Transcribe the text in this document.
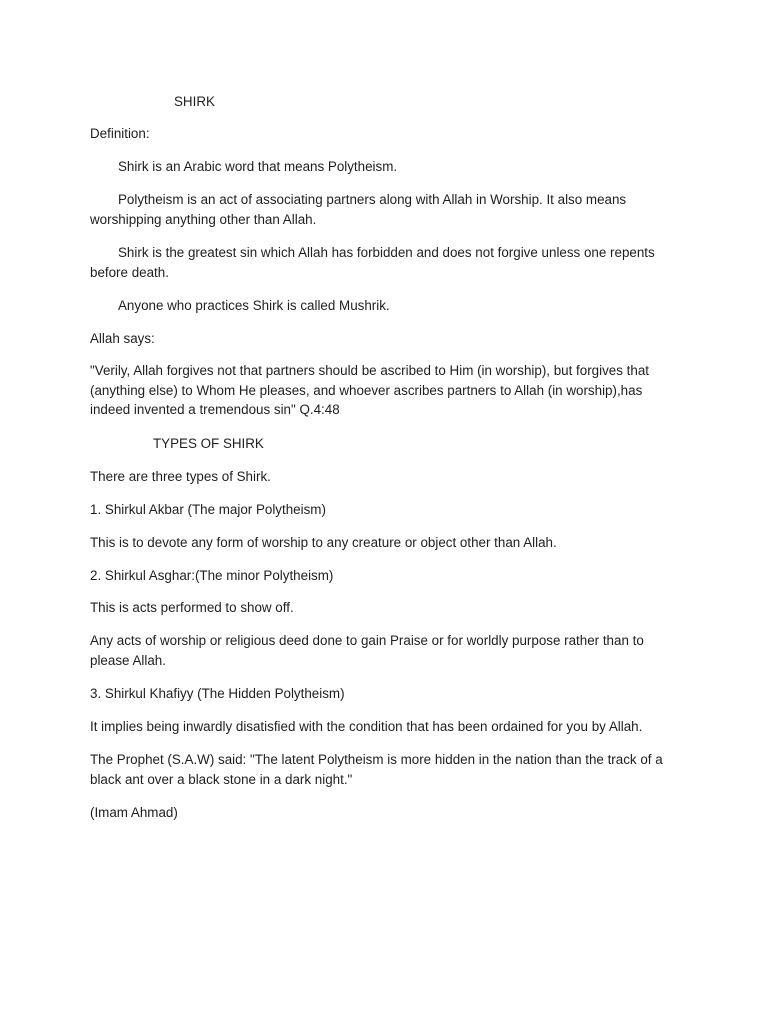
SHIRK

Definition:

Shirk is an Arabic word that means Polytheism.

Polytheism is an act of associating partners along with Allah in Worship. It also means
worshipping anything other than Allah.

Shirk is the greatest sin which Allah has forbidden and does not forgive unless one repents
before death.

Anyone who practices Shirk is called Mushrik.

Allah says:

"Verily, Allah forgives not that partners should be ascribed to Him (in worship), but forgives that
(anything else) to Whom He pleases, and whoever ascribes partners to Allah (in worship),has
indeed invented a tremendous sin" Q.4:48

TYPES OF SHIRK

There are three types of Shirk.

1. Shirkul Akbar (The major Polytheism)

This is to devote any form of worship to any creature or object other than Allah.

2. Shirkul Asghar:(The minor Polytheism)

This is acts performed to show off.

Any acts of worship or religious deed done to gain Praise or for worldly purpose rather than to
please Allah.

3. Shirkul Khafiyy (The Hidden Polytheism)

It implies being inwardly disatisfied with the condition that has been ordained for you by Allah.

The Prophet (S.A.W) said: "The latent Polytheism is more hidden in the nation than the track of a
black ant over a black stone in a dark night."

(Imam Ahmad)
